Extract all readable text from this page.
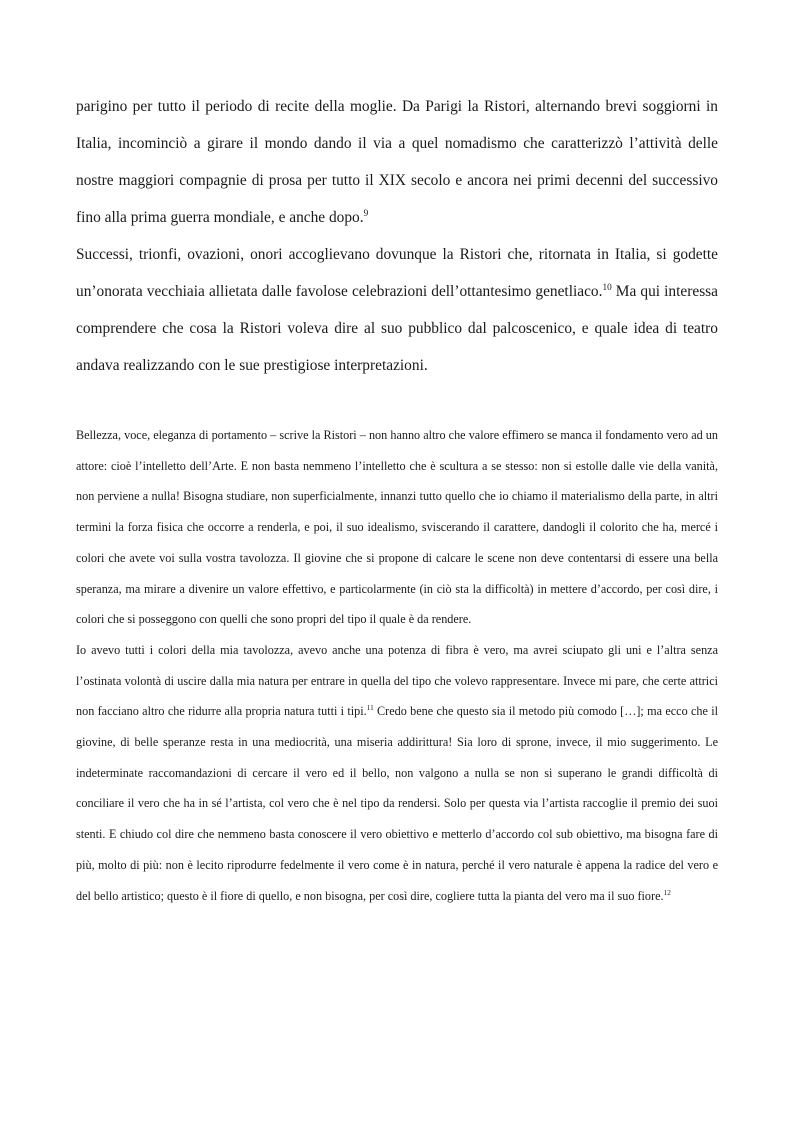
parigino per tutto il periodo di recite della moglie. Da Parigi la Ristori, alternando brevi soggiorni in Italia, incominciò a girare il mondo dando il via a quel nomadismo che caratterizzò l’attività delle nostre maggiori compagnie di prosa per tutto il XIX secolo e ancora nei primi decenni del successivo fino alla prima guerra mondiale, e anche dopo.$^9$

Successi, trionfi, ovazioni, onori accoglievano dovunque la Ristori che, ritornata in Italia, si godette un’onorata vecchiaia allietata dalle favolose celebrazioni dell’ottantesimo genetliaco.$^{10}$ Ma qui interessa comprendere che cosa la Ristori voleva dire al suo pubblico dal palcoscenico, e quale idea di teatro andava realizzando con le sue prestigiose interpretazioni.

Bellezza, voce, eleganza di portamento – scrive la Ristori – non hanno altro che valore effimero se manca il fondamento vero ad un attore: cioè l’intelletto dell’Arte. E non basta nemmeno l’intelletto che è scultura a se stesso: non si estolle dalle vie della vanità, non perviene a nulla! Bisogna studiare, non superficialmente, innanzi tutto quello che io chiamo il materialismo della parte, in altri termini la forza fisica che occorre a renderla, e poi, il suo idealismo, sviscerando il carattere, dandogli il colorito che ha, mercé i colori che avete voi sulla vostra tavolozza. Il giovine che si propone di calcare le scene non deve contentarsi di essere una bella speranza, ma mirare a divenire un valore effettivo, e particolarmente (in ciò sta la difficoltà) in mettere d’accordo, per così dire, i colori che si posseggono con quelli che sono propri del tipo il quale è da rendere.

Io avevo tutti i colori della mia tavolozza, avevo anche una potenza di fibra è vero, ma avrei sciupato gli uni e l’altra senza l’ostinata volontà di uscire dalla mia natura per entrare in quella del tipo che volevo rappresentare. Invece mi pare, che certe attrici non facciano altro che ridurre alla propria natura tutti i tipi.$^{11}$ Credo bene che questo sia il metodo più comodo […]; ma ecco che il giovine, di belle speranze resta in una mediocrità, una miseria addirittura! Sia loro di sprone, invece, il mio suggerimento. Le indeterminate raccomandazioni di cercare il vero ed il bello, non valgono a nulla se non si superano le grandi difficoltà di conciliare il vero che ha in sé l’artista, col vero che è nel tipo da rendersi. Solo per questa via l’artista raccoglie il premio dei suoi stenti. E chiudo col dire che nemmeno basta conoscere il vero obiettivo e metterlo d’accordo col sub obiettivo, ma bisogna fare di più, molto di più: non è lecito riprodurre fedelmente il vero come è in natura, perché il vero naturale è appena la radice del vero e del bello artistico; questo è il fiore di quello, e non bisogna, per così dire, cogliere tutta la pianta del vero ma il suo fiore.$^{12}$
